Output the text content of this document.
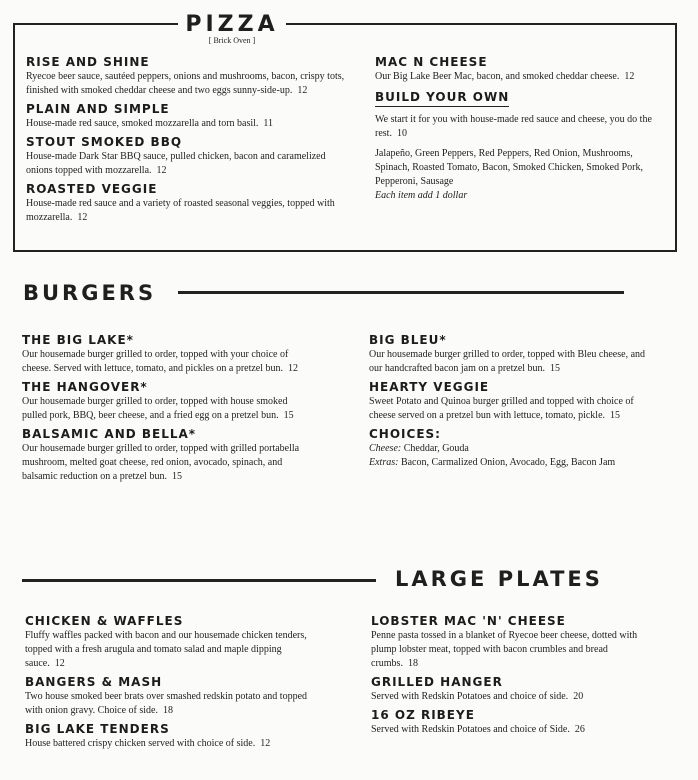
PIZZA
[ Brick Oven ]

RISE AND SHINE

Ryecoe beer sauce, sautéed peppers, onions and mushrooms, bacon, crispy tots, finished with smoked cheddar cheese and two eggs sunny-side-up. 12

PLAIN AND SIMPLE

House-made red sauce, smoked mozzarella and torn basil. 11

STOUT SMOKED BBQ

House-made Dark Star BBQ sauce, pulled chicken, bacon and caramelized onions topped with mozzarella. 12

ROASTED VEGGIE

House-made red sauce and a variety of roasted seasonal veggies, topped with mozzarella. 12

MAC N CHEESE

Our Big Lake Beer Mac, bacon, and smoked cheddar cheese. 12

BUILD YOUR OWN

We start it for you with house-made red sauce and cheese, you do the rest. 10

Jalapeño, Green Peppers, Red Peppers, Red Onion, Mushrooms, Spinach, Roasted Tomato, Bacon, Smoked Chicken, Smoked Pork, Pepperoni, Sausage

Each item add 1 dollar

BURGERS

THE BIG LAKE*

Our housemade burger grilled to order, topped with your choice of cheese. Served with lettuce, tomato, and pickles on a pretzel bun. 12

THE HANGOVER*

Our housemade burger grilled to order, topped with house smoked pulled pork, BBQ, beer cheese, and a fried egg on a pretzel bun. 15

BALSAMIC AND BELLA*

Our housemade burger grilled to order, topped with grilled portabella mushroom, melted goat cheese, red onion, avocado, spinach, and balsamic reduction on a pretzel bun. 15

BIG BLEU*

Our housemade burger grilled to order, topped with Bleu cheese, and our handcrafted bacon jam on a pretzel bun. 15

HEARTY VEGGIE

Sweet Potato and Quinoa burger grilled and topped with choice of cheese served on a pretzel bun with lettuce, tomato, pickle. 15

CHOICES:

Cheese: Cheddar, Gouda

Extras: Bacon, Carmalized Onion, Avocado, Egg, Bacon Jam

LARGE PLATES

CHICKEN & WAFFLES

Fluffy waffles packed with bacon and our housemade chicken tenders, topped with a fresh arugula and tomato salad and maple dipping sauce. 12

BANGERS & MASH

Two house smoked beer brats over smashed redskin potato and topped with onion gravy. Choice of side. 18

BIG LAKE TENDERS

House battered crispy chicken served with choice of side. 12

LOBSTER MAC 'N' CHEESE

Penne pasta tossed in a blanket of Ryecoe beer cheese, dotted with plump lobster meat, topped with bacon crumbles and bread crumbs. 18

GRILLED HANGER

Served with Redskin Potatoes and choice of side. 20

16 OZ RIBEYE

Served with Redskin Potatoes and choice of Side. 26
